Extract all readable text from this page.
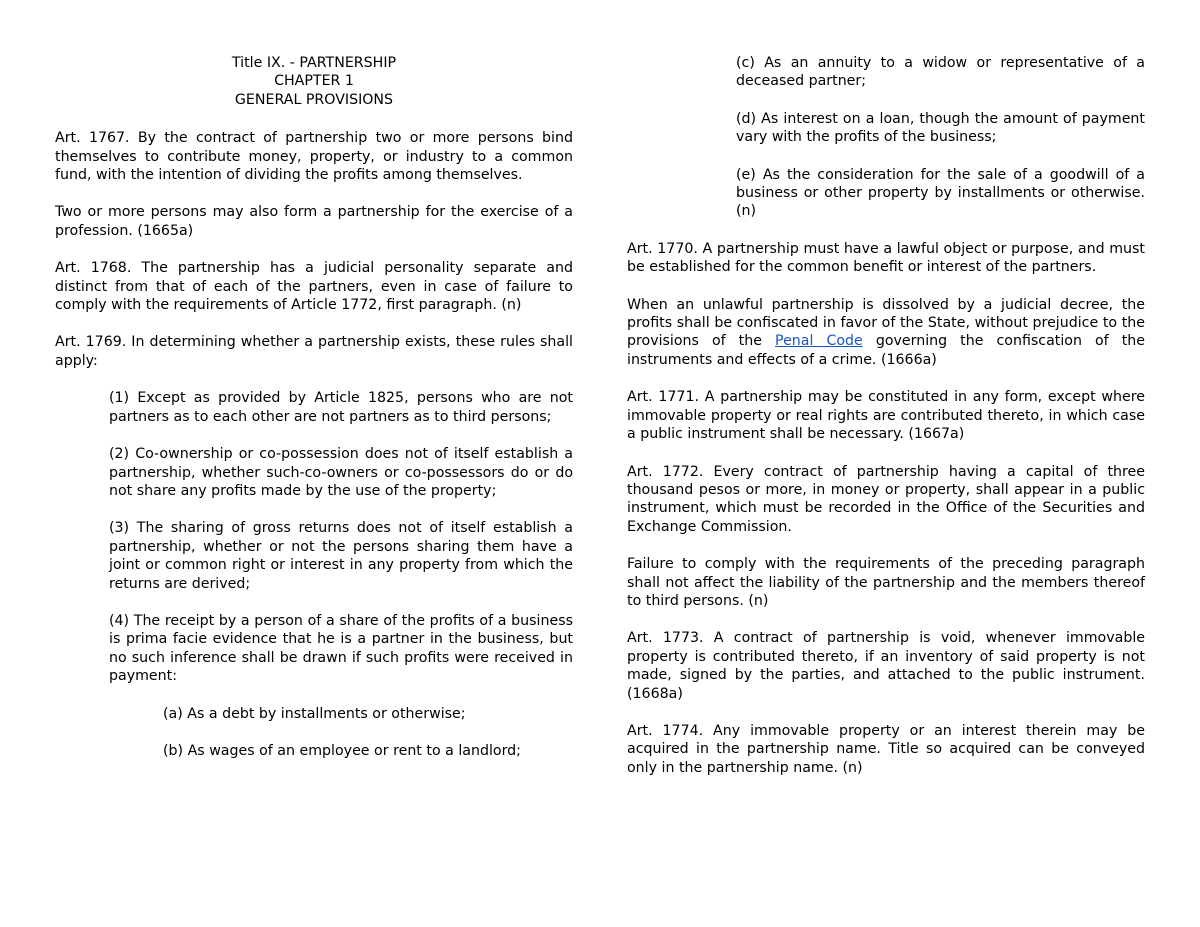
Title IX. - PARTNERSHIP
CHAPTER 1
GENERAL PROVISIONS

Art. 1767. By the contract of partnership two or more persons bind themselves to contribute money, property, or industry to a common fund, with the intention of dividing the profits among themselves.

Two or more persons may also form a partnership for the exercise of a profession. (1665a)

Art. 1768. The partnership has a judicial personality separate and distinct from that of each of the partners, even in case of failure to comply with the requirements of Article 1772, first paragraph. (n)

Art. 1769. In determining whether a partnership exists, these rules shall apply:

(1) Except as provided by Article 1825, persons who are not partners as to each other are not partners as to third persons;

(2) Co-ownership or co-possession does not of itself establish a partnership, whether such-co-owners or co-possessors do or do not share any profits made by the use of the property;

(3) The sharing of gross returns does not of itself establish a partnership, whether or not the persons sharing them have a joint or common right or interest in any property from which the returns are derived;

(4) The receipt by a person of a share of the profits of a business is prima facie evidence that he is a partner in the business, but no such inference shall be drawn if such profits were received in payment:

(a) As a debt by installments or otherwise;

(b) As wages of an employee or rent to a landlord;

(c) As an annuity to a widow or representative of a deceased partner;

(d) As interest on a loan, though the amount of payment vary with the profits of the business;

(e) As the consideration for the sale of a goodwill of a business or other property by installments or otherwise. (n)

Art. 1770. A partnership must have a lawful object or purpose, and must be established for the common benefit or interest of the partners.

When an unlawful partnership is dissolved by a judicial decree, the profits shall be confiscated in favor of the State, without prejudice to the provisions of the Penal Code governing the confiscation of the instruments and effects of a crime. (1666a)

Art. 1771. A partnership may be constituted in any form, except where immovable property or real rights are contributed thereto, in which case a public instrument shall be necessary. (1667a)

Art. 1772. Every contract of partnership having a capital of three thousand pesos or more, in money or property, shall appear in a public instrument, which must be recorded in the Office of the Securities and Exchange Commission.

Failure to comply with the requirements of the preceding paragraph shall not affect the liability of the partnership and the members thereof to third persons. (n)

Art. 1773. A contract of partnership is void, whenever immovable property is contributed thereto, if an inventory of said property is not made, signed by the parties, and attached to the public instrument. (1668a)

Art. 1774. Any immovable property or an interest therein may be acquired in the partnership name. Title so acquired can be conveyed only in the partnership name. (n)
